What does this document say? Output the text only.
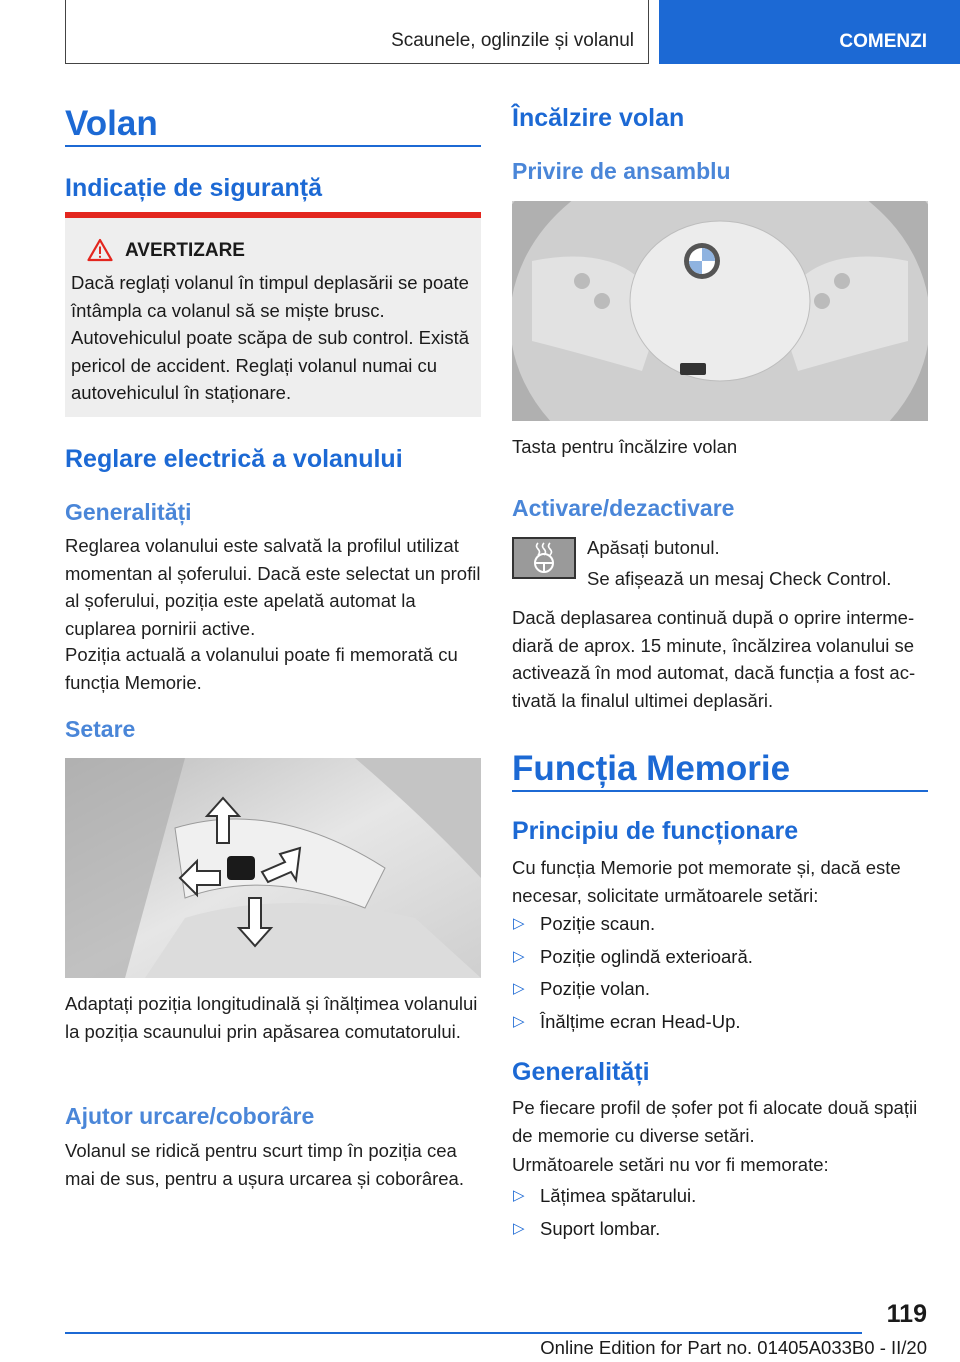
Scaunele, oglinzile și volanul	COMENZI
Volan
Indicație de siguranță
AVERTIZARE
Dacă reglați volanul în timpul deplasării se poate întâmpla ca volanul să se miște brusc. Autovehiculul poate scăpa de sub control. Există pericol de accident. Reglați volanul numai cu autovehiculul în staționare.
Reglare electrică a volanului
Generalități
Reglarea volanului este salvată la profilul utilizat momentan al șoferului. Dacă este selectat un profil al șoferului, poziția este apelată automat la cuplarea pornirii active.
Poziția actuală a volanului poate fi memorată cu funcția Memorie.
Setare
Adaptați poziția longitudinală și înălțimea volanului la poziția scaunului prin apăsarea comutatorului.
Ajutor urcare/coborâre
Volanul se ridică pentru scurt timp în poziția cea mai de sus, pentru a ușura urcarea și coborârea.
Încălzire volan
Privire de ansamblu
Tasta pentru încălzire volan
Activare/dezactivare
Apăsați butonul.
Se afișează un mesaj Check Control.
Dacă deplasarea continuă după o oprire intermediară de aprox. 15 minute, încălzirea volanului se activează în mod automat, dacă funcția a fost activată la finalul ultimei deplasări.
Funcția Memorie
Principiu de funcționare
Cu funcția Memorie pot memorate și, dacă este necesar, solicitate următoarele setări:
▷ Poziție scaun.
▷ Poziție oglindă exterioară.
▷ Poziție volan.
▷ Înălțime ecran Head-Up.
Generalități
Pe fiecare profil de șofer pot fi alocate două spații de memorie cu diverse setări.
Următoarele setări nu vor fi memorate:
▷ Lățimea spătarului.
▷ Suport lombar.
119
Online Edition for Part no. 01405A033B0 - II/20
